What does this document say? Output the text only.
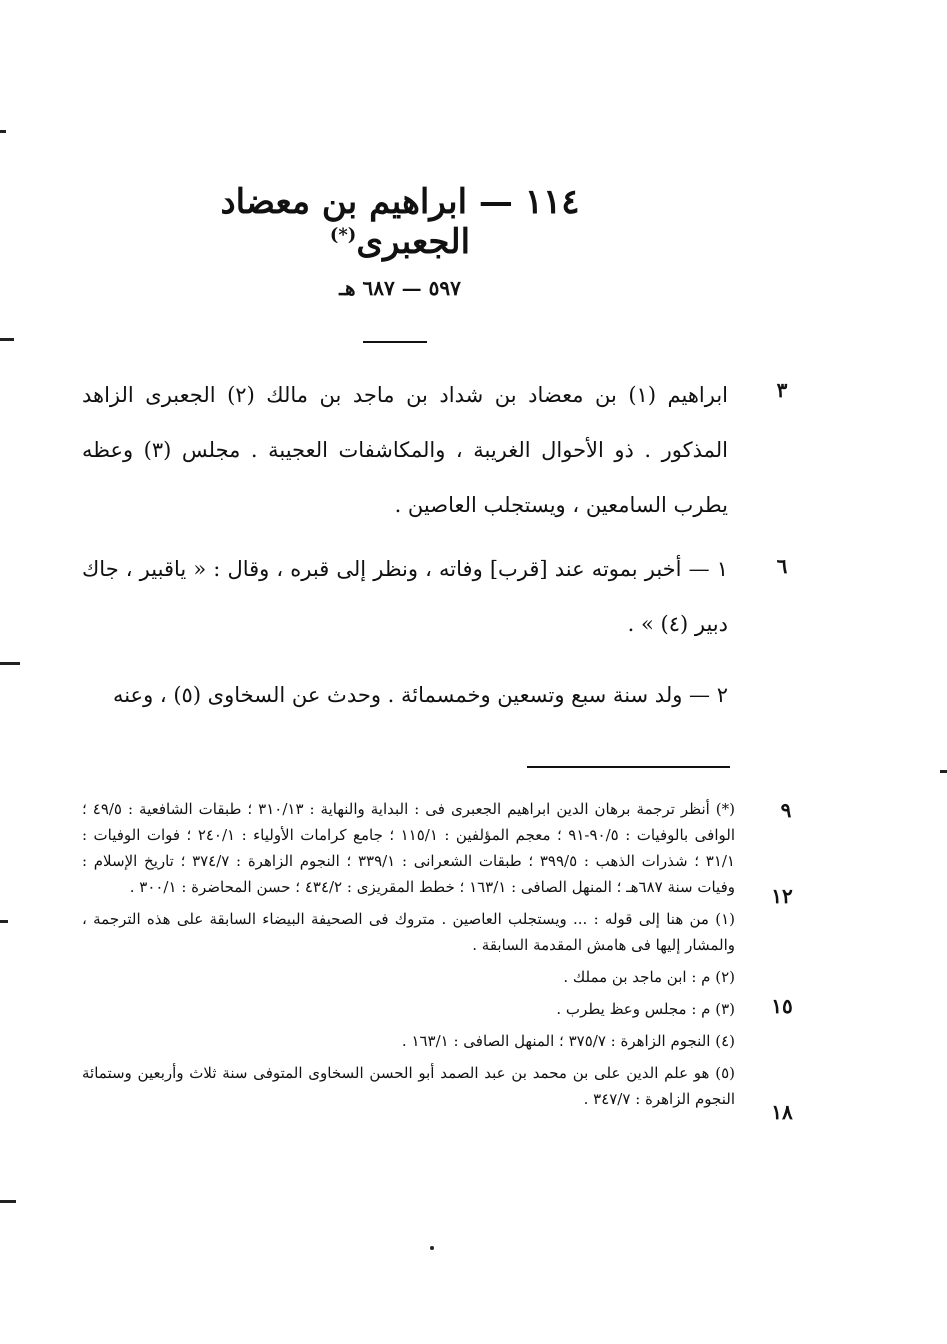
١١٤ — ابراهيم بن معضاد الجعبرى(*)
٥٩٧ — ٦٨٧ هـ
٣
٦
٩
١٢
١٥
١٨
ابراهيم (١) بن معضاد بن شداد بن ماجد بن مالك (٢) الجعبرى الزاهد المذكور . ذو الأحوال الغريبة ، والمكاشفات العجيبة . مجلس (٣) وعظه يطرب السامعين ، ويستجلب العاصين .
١ — أخبر بموته عند [قرب] وفاته ، ونظر إلى قبره ، وقال : « ياقبير ، جاك دبير (٤) » .
٢ — ولد سنة سبع وتسعين وخمسمائة . وحدث عن السخاوى (٥) ، وعنه
(*) أنظر ترجمة برهان الدين ابراهيم الجعبرى فى : البداية والنهاية : ٣١٠/١٣ ؛ طبقات الشافعية : ٤٩/٥ ؛ الوافى بالوفيات : ٩٠/٥-٩١ ؛ معجم المؤلفين : ١١٥/١ ؛ جامع كرامات الأولياء : ٢٤٠/١ ؛ فوات الوفيات : ٣١/١ ؛ شذرات الذهب : ٣٩٩/٥ ؛ طبقات الشعرانى : ٣٣٩/١ ؛ النجوم الزاهرة : ٣٧٤/٧ ؛ تاريخ الإسلام : وفيات سنة ٦٨٧هـ ؛ المنهل الصافى : ١٦٣/١ ؛ خطط المقريزى : ٤٣٤/٢ ؛ حسن المحاضرة : ٣٠٠/١ .
(١) من هنا إلى قوله : ... ويستجلب العاصين . متروك فى الصحيفة البيضاء السابقة على هذه الترجمة ، والمشار إليها فى هامش المقدمة السابقة .
(٢) م : ابن ماجد بن مملك .
(٣) م : مجلس وعظ يطرب .
(٤) النجوم الزاهرة : ٣٧٥/٧ ؛ المنهل الصافى : ١٦٣/١ .
(٥) هو علم الدين على بن محمد بن عبد الصمد أبو الحسن السخاوى المتوفى سنة ثلاث وأربعين وستمائة النجوم الزاهرة : ٣٤٧/٧ .
